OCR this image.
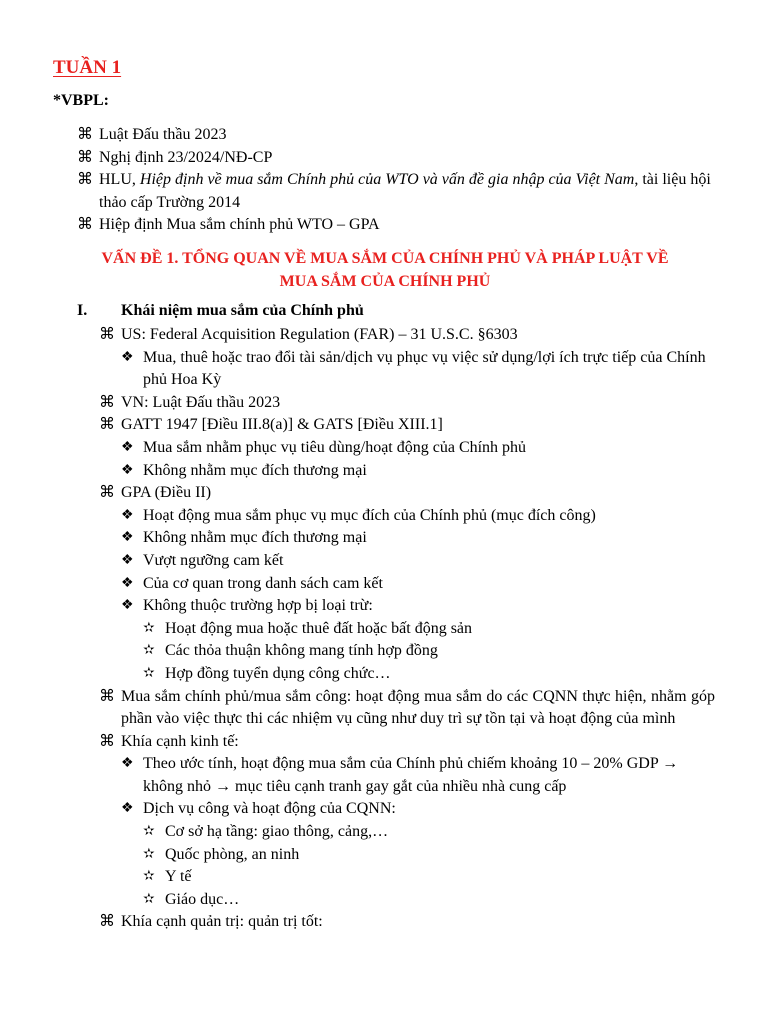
TUẦN 1
*VBPL:
⌘ Luật Đấu thầu 2023
⌘ Nghị định 23/2024/NĐ-CP
⌘ HLU, Hiệp định về mua sắm Chính phủ của WTO và vấn đề gia nhập của Việt Nam, tài liệu hội thảo cấp Trường 2014
⌘ Hiệp định Mua sắm chính phủ WTO – GPA
VẤN ĐỀ 1. TỔNG QUAN VỀ MUA SẮM CỦA CHÍNH PHỦ VÀ PHÁP LUẬT VỀ
MUA SẮM CỦA CHÍNH PHỦ
I. Khái niệm mua sắm của Chính phủ
⌘ US: Federal Acquisition Regulation (FAR) – 31 U.S.C. §6303
❖ Mua, thuê hoặc trao đổi tài sản/dịch vụ phục vụ việc sử dụng/lợi ích trực tiếp của Chính phủ Hoa Kỳ
⌘ VN: Luật Đấu thầu 2023
⌘ GATT 1947 [Điều III.8(a)] & GATS [Điều XIII.1]
❖ Mua sắm nhằm phục vụ tiêu dùng/hoạt động của Chính phủ
❖ Không nhằm mục đích thương mại
⌘ GPA (Điều II)
❖ Hoạt động mua sắm phục vụ mục đích của Chính phủ (mục đích công)
❖ Không nhằm mục đích thương mại
❖ Vượt ngưỡng cam kết
❖ Của cơ quan trong danh sách cam kết
❖ Không thuộc trường hợp bị loại trừ:
✫ Hoạt động mua hoặc thuê đất hoặc bất động sản
✫ Các thỏa thuận không mang tính hợp đồng
✫ Hợp đồng tuyển dụng công chức…
⌘ Mua sắm chính phủ/mua sắm công: hoạt động mua sắm do các CQNN thực hiện, nhằm góp phần vào việc thực thi các nhiệm vụ cũng như duy trì sự tồn tại và hoạt động của mình
⌘ Khía cạnh kinh tế:
❖ Theo ước tính, hoạt động mua sắm của Chính phủ chiếm khoảng 10 – 20% GDP → không nhỏ → mục tiêu cạnh tranh gay gắt của nhiều nhà cung cấp
❖ Dịch vụ công và hoạt động của CQNN:
✫ Cơ sở hạ tầng: giao thông, cảng,…
✫ Quốc phòng, an ninh
✫ Y tế
✫ Giáo dục…
⌘ Khía cạnh quản trị: quản trị tốt:
